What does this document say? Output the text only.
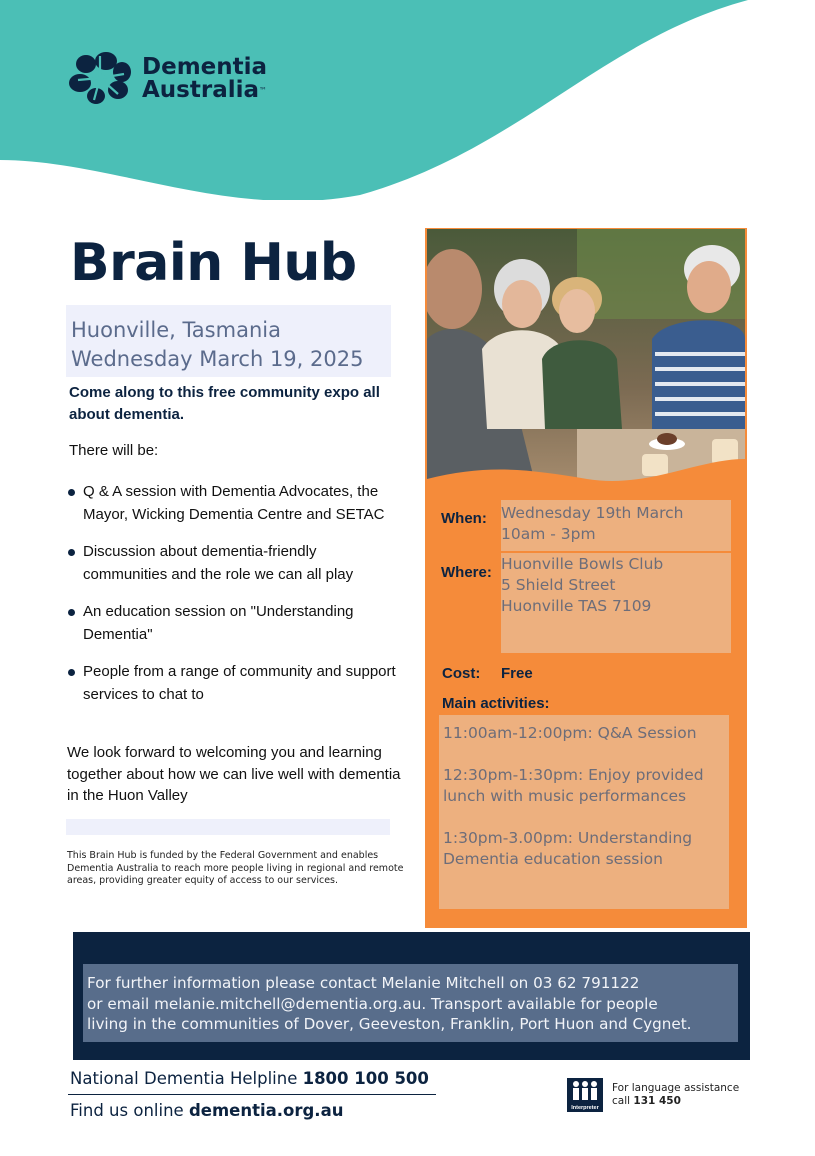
Dementia
Australia™
Brain Hub
Huonville, Tasmania
Wednesday March 19, 2025
Come along to this free community expo all about dementia.
There will be:
Q & A session with Dementia Advocates, the Mayor, Wicking Dementia Centre and SETAC
Discussion about dementia-friendly communities and the role we can all play
An education session on "Understanding Dementia"
People from a range of community and support services to chat to
We look forward to welcoming you and learning together about how we can live well with dementia in the Huon Valley
This Brain Hub is funded by the Federal Government and enables Dementia Australia to reach more people living in regional and remote areas, providing greater equity of access to our services.
When: Wednesday 19th March
10am - 3pm
Where: Huonville Bowls Club
5 Shield Street
Huonville TAS 7109
Cost: Free
Main activities:
11:00am-12:00pm: Q&A Session
12:30pm-1:30pm: Enjoy provided
lunch with music performances
1:30pm-3.00pm: Understanding
Dementia education session
For further information please contact Melanie Mitchell on 03 62 791122
or email melanie.mitchell@dementia.org.au. Transport available for people
living in the communities of Dover, Geeveston, Franklin, Port Huon and Cygnet.
National Dementia Helpline 1800 100 500
Find us online dementia.org.au	Interpreter
For language assistance
call 131 450
